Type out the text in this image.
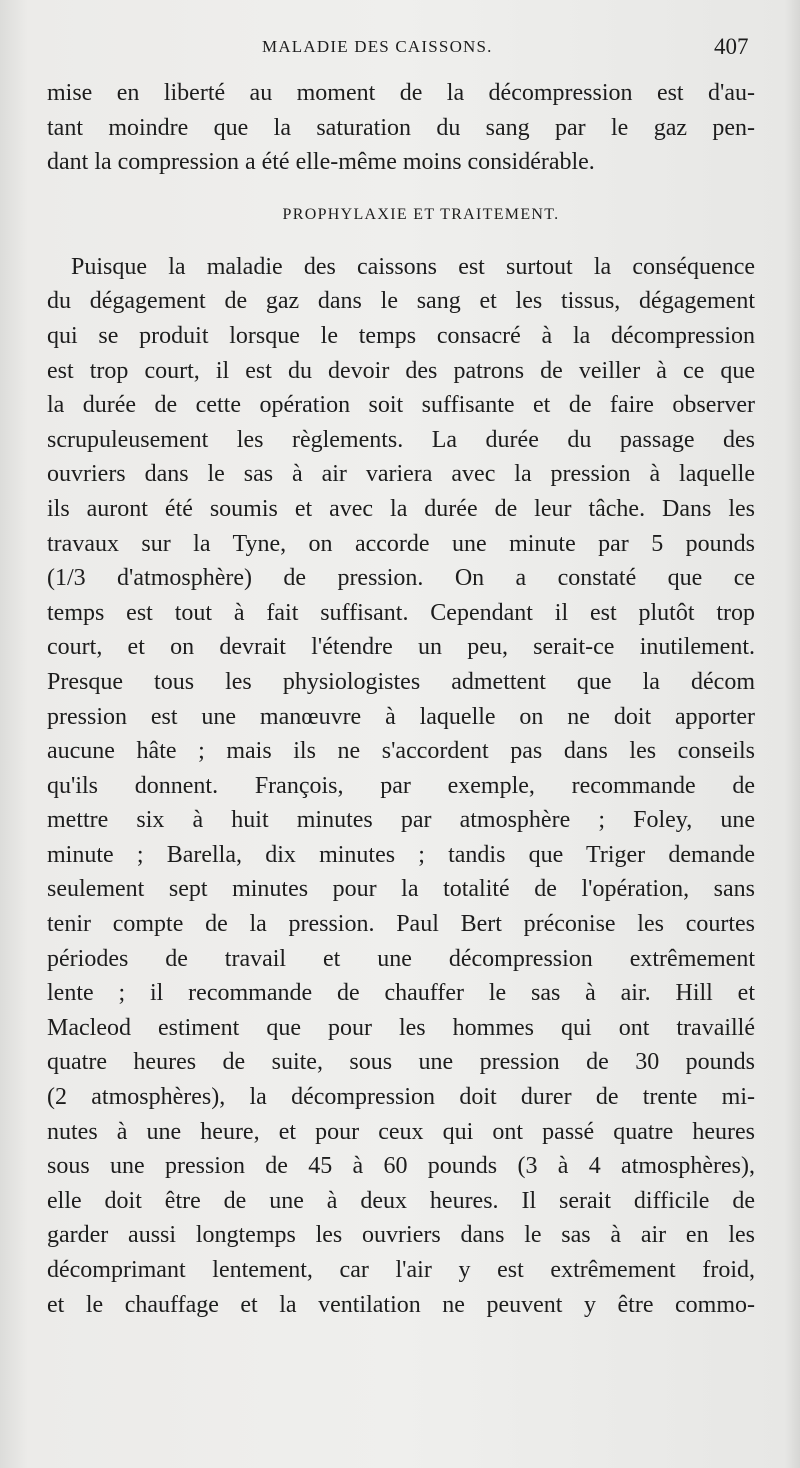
MALADIE DES CAISSONS.	407
mise en liberté au moment de la décompression est d'au-
tant moindre que la saturation du sang par le gaz pen-
dant la compression a été elle-même moins considérable.
PROPHYLAXIE ET TRAITEMENT.
Puisque la maladie des caissons est surtout la conséquence
du dégagement de gaz dans le sang et les tissus, dégagement
qui se produit lorsque le temps consacré à la décompression
est trop court, il est du devoir des patrons de veiller à ce que
la durée de cette opération soit suffisante et de faire observer
scrupuleusement les règlements. La durée du passage des
ouvriers dans le sas à air variera avec la pression à laquelle
ils auront été soumis et avec la durée de leur tâche. Dans les
travaux sur la Tyne, on accorde une minute par 5 pounds
(1/3 d'atmosphère) de pression. On a constaté que ce
temps est tout à fait suffisant. Cependant il est plutôt trop
court, et on devrait l'étendre un peu, serait-ce inutilement.
Presque tous les physiologistes admettent que la décom
pression est une manœuvre à laquelle on ne doit apporter
aucune hâte ; mais ils ne s'accordent pas dans les conseils
qu'ils donnent. François, par exemple, recommande de
mettre six à huit minutes par atmosphère ; Foley, une
minute ; Barella, dix minutes ; tandis que Triger demande
seulement sept minutes pour la totalité de l'opération, sans
tenir compte de la pression. Paul Bert préconise les courtes
périodes de travail et une décompression extrêmement
lente ; il recommande de chauffer le sas à air. Hill et
Macleod estiment que pour les hommes qui ont travaillé
quatre heures de suite, sous une pression de 30 pounds
(2 atmosphères), la décompression doit durer de trente mi-
nutes à une heure, et pour ceux qui ont passé quatre heures
sous une pression de 45 à 60 pounds (3 à 4 atmosphères),
elle doit être de une à deux heures. Il serait difficile de
garder aussi longtemps les ouvriers dans le sas à air en les
décomprimant lentement, car l'air y est extrêmement froid,
et le chauffage et la ventilation ne peuvent y être commo-
